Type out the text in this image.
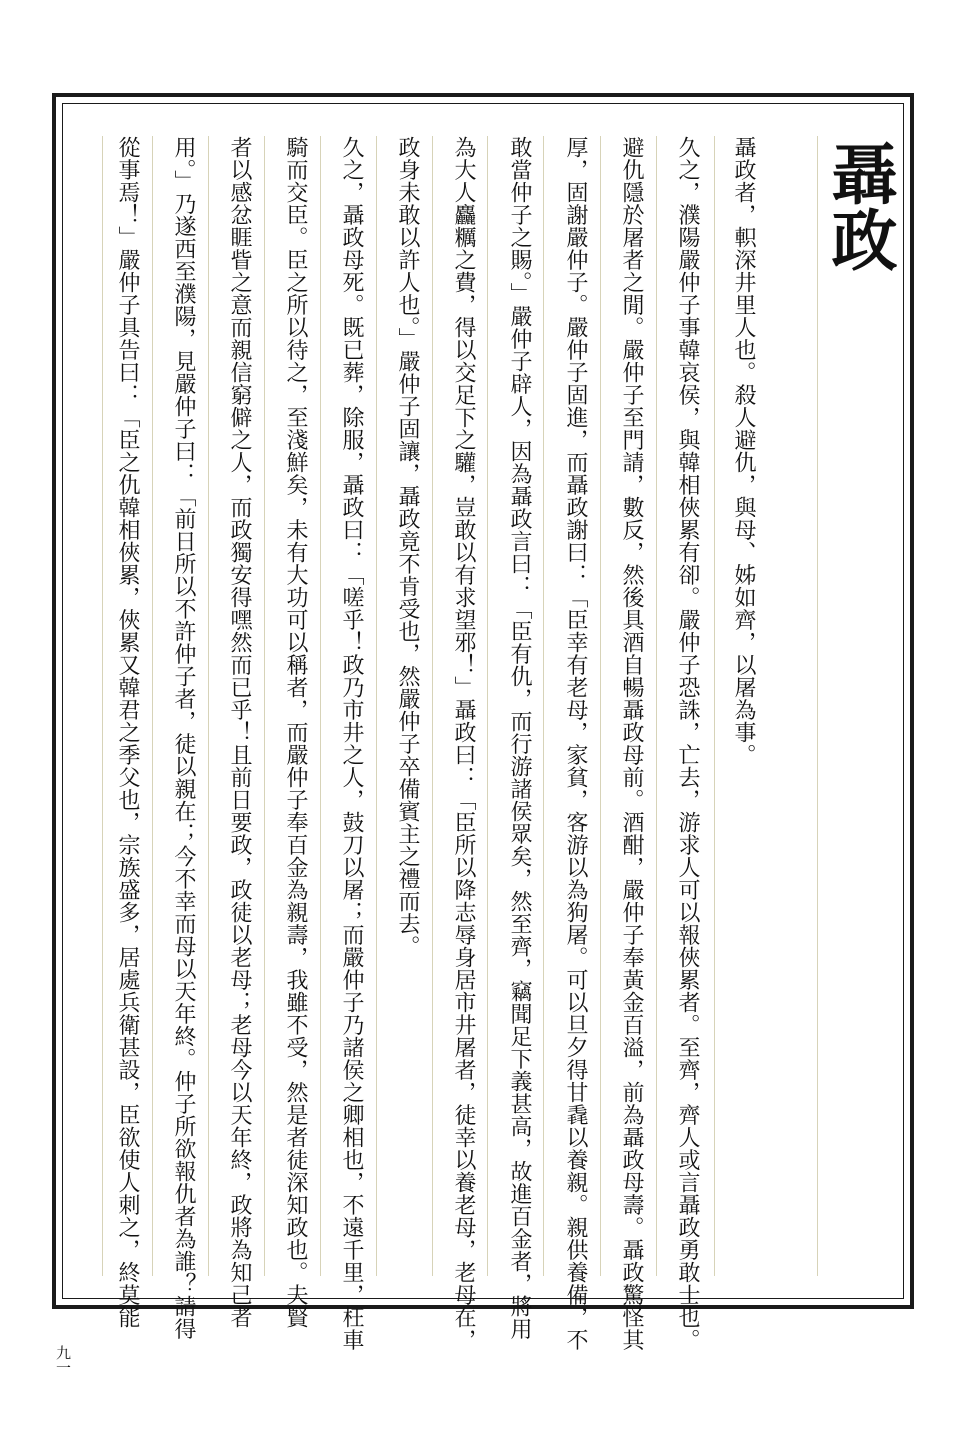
聶政
聶政者，軹深井里人也。殺人避仇，與母、姊如齊，以屠為事。
久之，濮陽嚴仲子事韓哀侯，與韓相俠累有卻。嚴仲子恐誅，亡去，游求人可以報俠累者。至齊，齊人或言聶政勇敢士也。
避仇隱於屠者之閒。嚴仲子至門請，數反，然後具酒自暢聶政母前。酒酣，嚴仲子奉黃金百溢，前為聶政母壽。聶政驚怪其
厚，固謝嚴仲子。嚴仲子固進，而聶政謝曰：「臣幸有老母，家貧，客游以為狗屠。可以旦夕得甘毳以養親。親供養備，不
敢當仲子之賜。」嚴仲子辟人，因為聶政言曰：「臣有仇，而行游諸侯眾矣，然至齊，竊聞足下義甚高，故進百金者，將用
為大人麤糲之費，得以交足下之驩，豈敢以有求望邪！」聶政曰：「臣所以降志辱身居市井屠者，徒幸以養老母，老母在，
政身未敢以許人也。」嚴仲子固讓，聶政竟不肯受也，然嚴仲子卒備賓主之禮而去。
久之，聶政母死。既已葬，除服，聶政曰：「嗟乎！政乃市井之人，鼓刀以屠；而嚴仲子乃諸侯之卿相也，不遠千里，枉車
騎而交臣。臣之所以待之，至淺鮮矣，未有大功可以稱者，而嚴仲子奉百金為親壽，我雖不受，然是者徒深知政也。夫賢
者以感忿睚眥之意而親信窮僻之人，而政獨安得嘿然而已乎！且前日要政，政徒以老母；老母今以天年終，政將為知己者
用。」乃遂西至濮陽，見嚴仲子曰：「前日所以不許仲子者，徒以親在；今不幸而母以天年終。仲子所欲報仇者為誰？請得
從事焉！」嚴仲子具告曰：「臣之仇韓相俠累，俠累又韓君之季父也，宗族盛多，居處兵衛甚設，臣欲使人刺之，終莫能
九一
